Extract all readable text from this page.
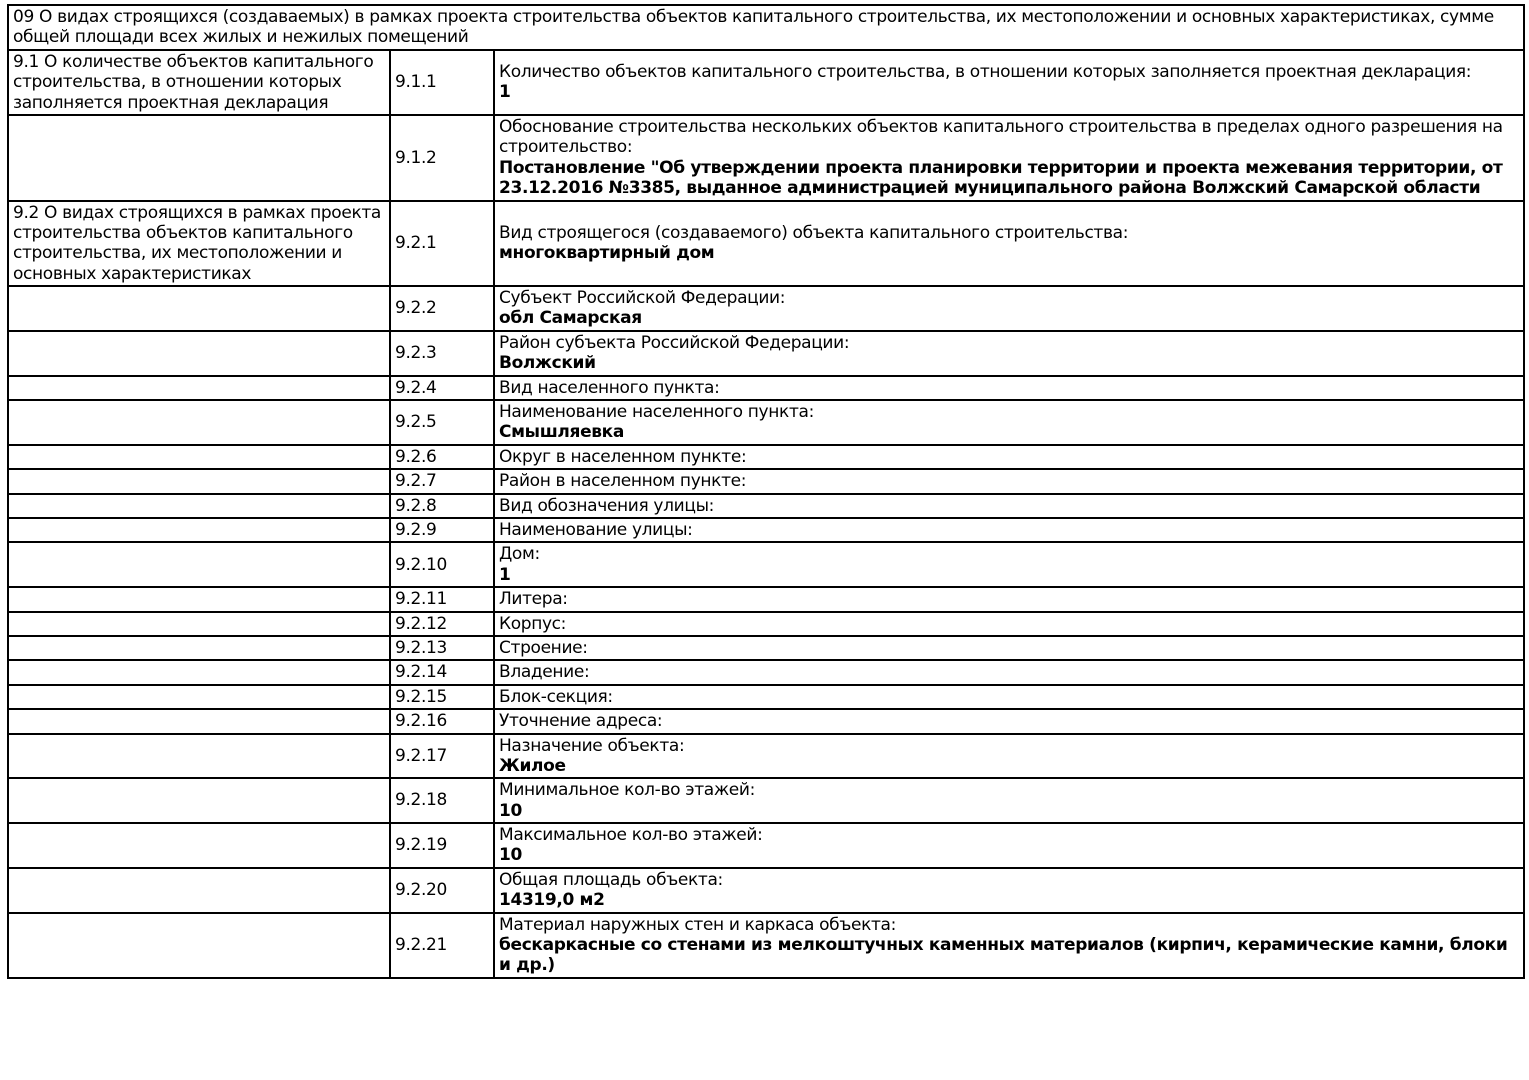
09 О видах строящихся (создаваемых) в рамках проекта строительства объектов капитального строительства, их местоположении и основных характеристиках, сумме общей площади всех жилых и нежилых помещений		
9.1 О количестве объектов капитального строительства, в отношении которых заполняется проектная декларация	9.1.1	Количество объектов капитального строительства, в отношении которых заполняется проектная декларация:
1

	9.1.2	Обоснование строительства нескольких объектов капитального строительства в пределах одного разрешения на строительство:
Постановление "Об утверждении проекта планировки территории и проекта межевания территории, от 23.12.2016 №3385, выданное администрацией муниципального района Волжский Самарской области

9.2 О видах строящихся в рамках проекта строительства объектов капитального строительства, их местоположении и основных характеристиках	9.2.1	Вид строящегося (создаваемого) объекта капитального строительства:
многоквартирный дом

	9.2.2	Субъект Российской Федерации:
обл Самарская

	9.2.3	Район субъекта Российской Федерации:
Волжский

	9.2.4	Вид населенного пункта:

	9.2.5	Наименование населенного пункта:
Смышляевка

	9.2.6	Округ в населенном пункте:

	9.2.7	Район в населенном пункте:

	9.2.8	Вид обозначения улицы:

	9.2.9	Наименование улицы:

	9.2.10	Дом:
1

	9.2.11	Литера:

	9.2.12	Корпус:

	9.2.13	Строение:

	9.2.14	Владение:

	9.2.15	Блок-секция:

	9.2.16	Уточнение адреса:

	9.2.17	Назначение объекта:
Жилое

	9.2.18	Минимальное кол-во этажей:
10

	9.2.19	Максимальное кол-во этажей:
10

	9.2.20	Общая площадь объекта:
14319,0 м2

	9.2.21	Материал наружных стен и каркаса объекта:
бескаркасные со стенами из мелкоштучных каменных материалов (кирпич, керамические камни, блоки и др.)
